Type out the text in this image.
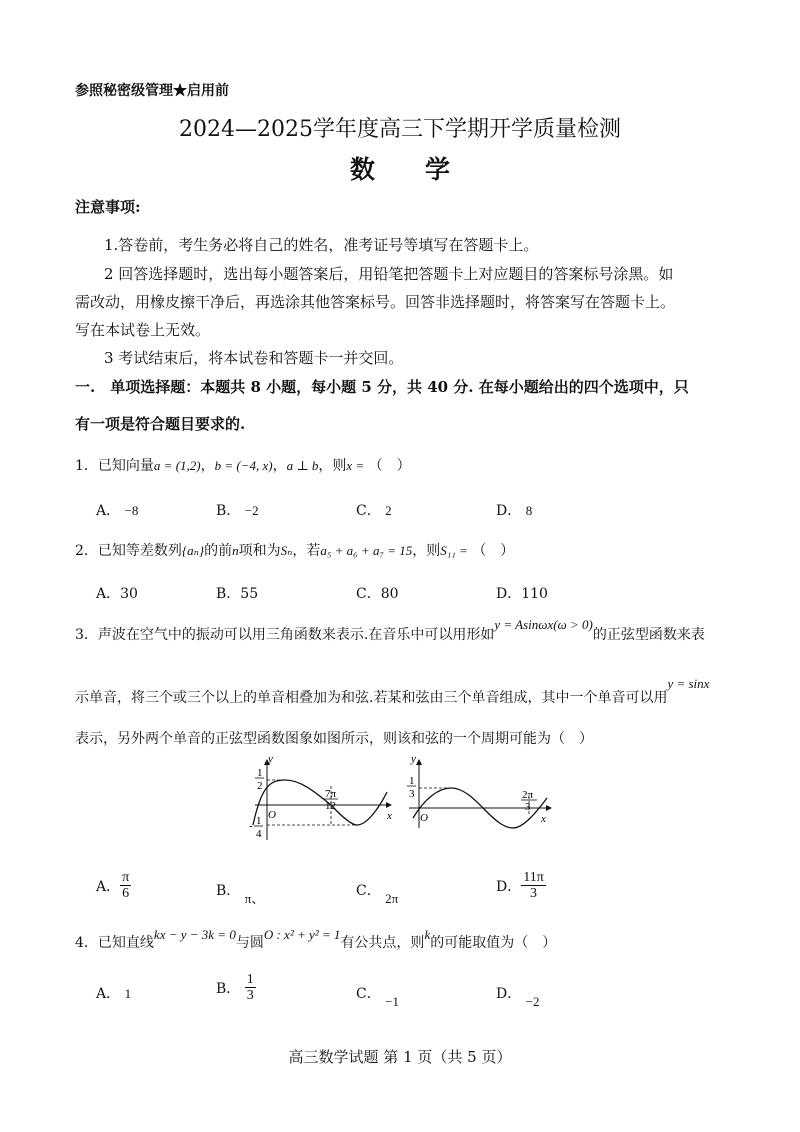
参照秘密级管理★启用前
2024—2025学年度高三下学期开学质量检测
数　　学
注意事项:
1.答卷前，考生务必将自己的姓名，准考证号等填写在答题卡上。
2 回答选择题时，选出每小题答案后，用铅笔把答题卡上对应题目的答案标号涂黑。如
需改动，用橡皮擦干净后，再选涂其他答案标号。回答非选择题时，将答案写在答题卡上。
写在本试卷上无效。
3 考试结束后，将本试卷和答题卡一并交回。
一.　单项选择题：本题共 8 小题，每小题 5 分，共 40 分. 在每小题给出的四个选项中，只
有一项是符合题目要求的.
1．已知向量a = (1,2)，b = (−4, x)，a ⊥ b，则x = （　）
A． −8	B． −2	C． 2	D． 8
2．已知等差数列{aₙ}的前n项和为Sₙ，若a₅ + a₆ + a₇ = 15，则S₁₁ = （　）
A．30	B．55	C．80	D．110
3．声波在空气中的振动可以用三角函数来表示.在音乐中可以用形如y = Asinωx(ω > 0)的正弦型函数来表
示单音，将三个或三个以上的单音相叠加为和弦.若某和弦由三个单音组成，其中一个单音可以用y = sinx
表示，另外两个单音的正弦型函数图象如图所示，则该和弦的一个周期可能为（　）
y
x
O
1
2
- 1
4
7π
12
y
x
O
1
3	2π
3
A． $\frac{\pi}{6}$	B． π、	C． 2π
D． $\frac{11\pi}{3}$
4．已知直线kx − y − 3k = 0与圆O : x² + y² = 1有公共点，则k的可能取值为（　）
A． 1	B． $\frac{1}{3}$	C． −1	D． −2
高三数学试题 第 1 页（共 5 页）
